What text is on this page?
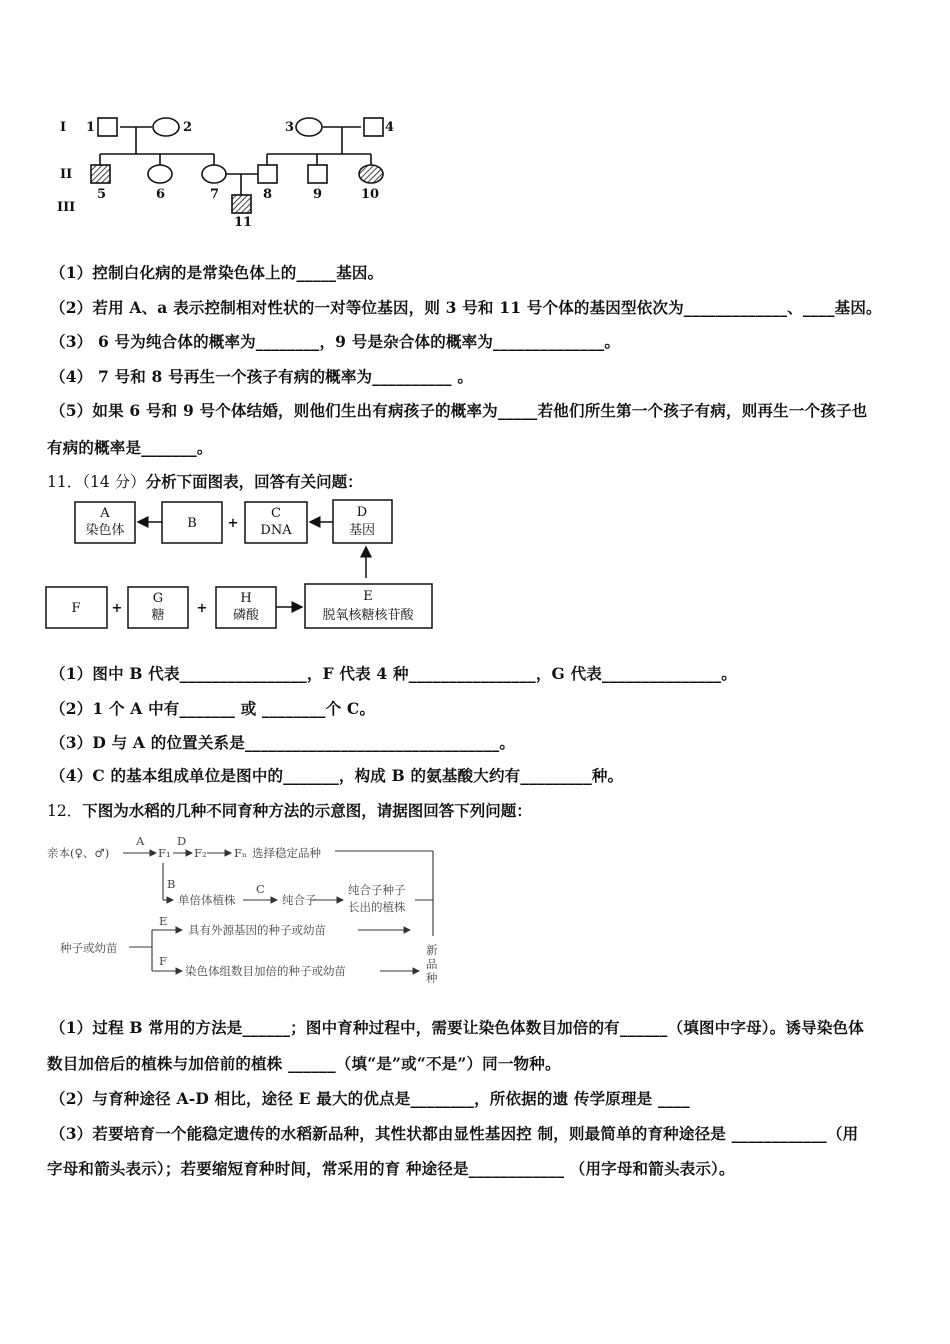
I
II
III
1	2	3	4
5	6	7	8	9	10
11
（1）控制白化病的是常染色体上的_____基因。
（2）若用 A、a 表示控制相对性状的一对等位基因，则 3 号和 11 号个体的基因型依次为_____________、____基因。
（3） 6 号为纯合体的概率为________，9 号是杂合体的概率为______________。
（4） 7 号和 8 号再生一个孩子有病的概率为__________ 。
（5）如果 6 号和 9 号个体结婚，则他们生出有病孩子的概率为_____若他们所生第一个孩子有病，则再生一个孩子也
有病的概率是_______。
11．（14 分）分析下面图表，回答有关问题：
A
染色体	B
C
DNA
D
基因
F
G
糖
H
磷酸
E
脱氧核糖核苷酸
+
+	+
（1）图中 B 代表________________，F 代表 4 种________________，G 代表_______________。
（2）1 个 A 中有_______ 或 ________个 C。
（3）D 与 A 的位置关系是________________________________。
（4）C 的基本组成单位是图中的_______，构成 B 的氨基酸大约有_________种。
12．下图为水稻的几种不同育种方法的示意图，请据图回答下列问题：
亲本(♀、♂)
A	D
F₁ F₂ Fₙ 选择稳定品种
B
单倍体植株
C
纯合子
纯合子种子
长出的植株
种子或幼苗
E
具有外源基因的种子或幼苗
F
染色体组数目加倍的种子或幼苗
新
品
种
（1）过程 B 常用的方法是______；图中育种过程中，需要让染色体数目加倍的有______（填图中字母）。诱导染色体
数目加倍后的植株与加倍前的植株 ______（填“是”或“不是”）同一物种。
（2）与育种途径 A-D 相比，途径 E 最大的优点是________，所依据的遗 传学原理是 ____
（3）若要培育一个能稳定遗传的水稻新品种，其性状都由显性基因控 制，则最简单的育种途径是 ____________（用
字母和箭头表示）；若要缩短育种时间，常采用的育 种途径是____________ （用字母和箭头表示）。
